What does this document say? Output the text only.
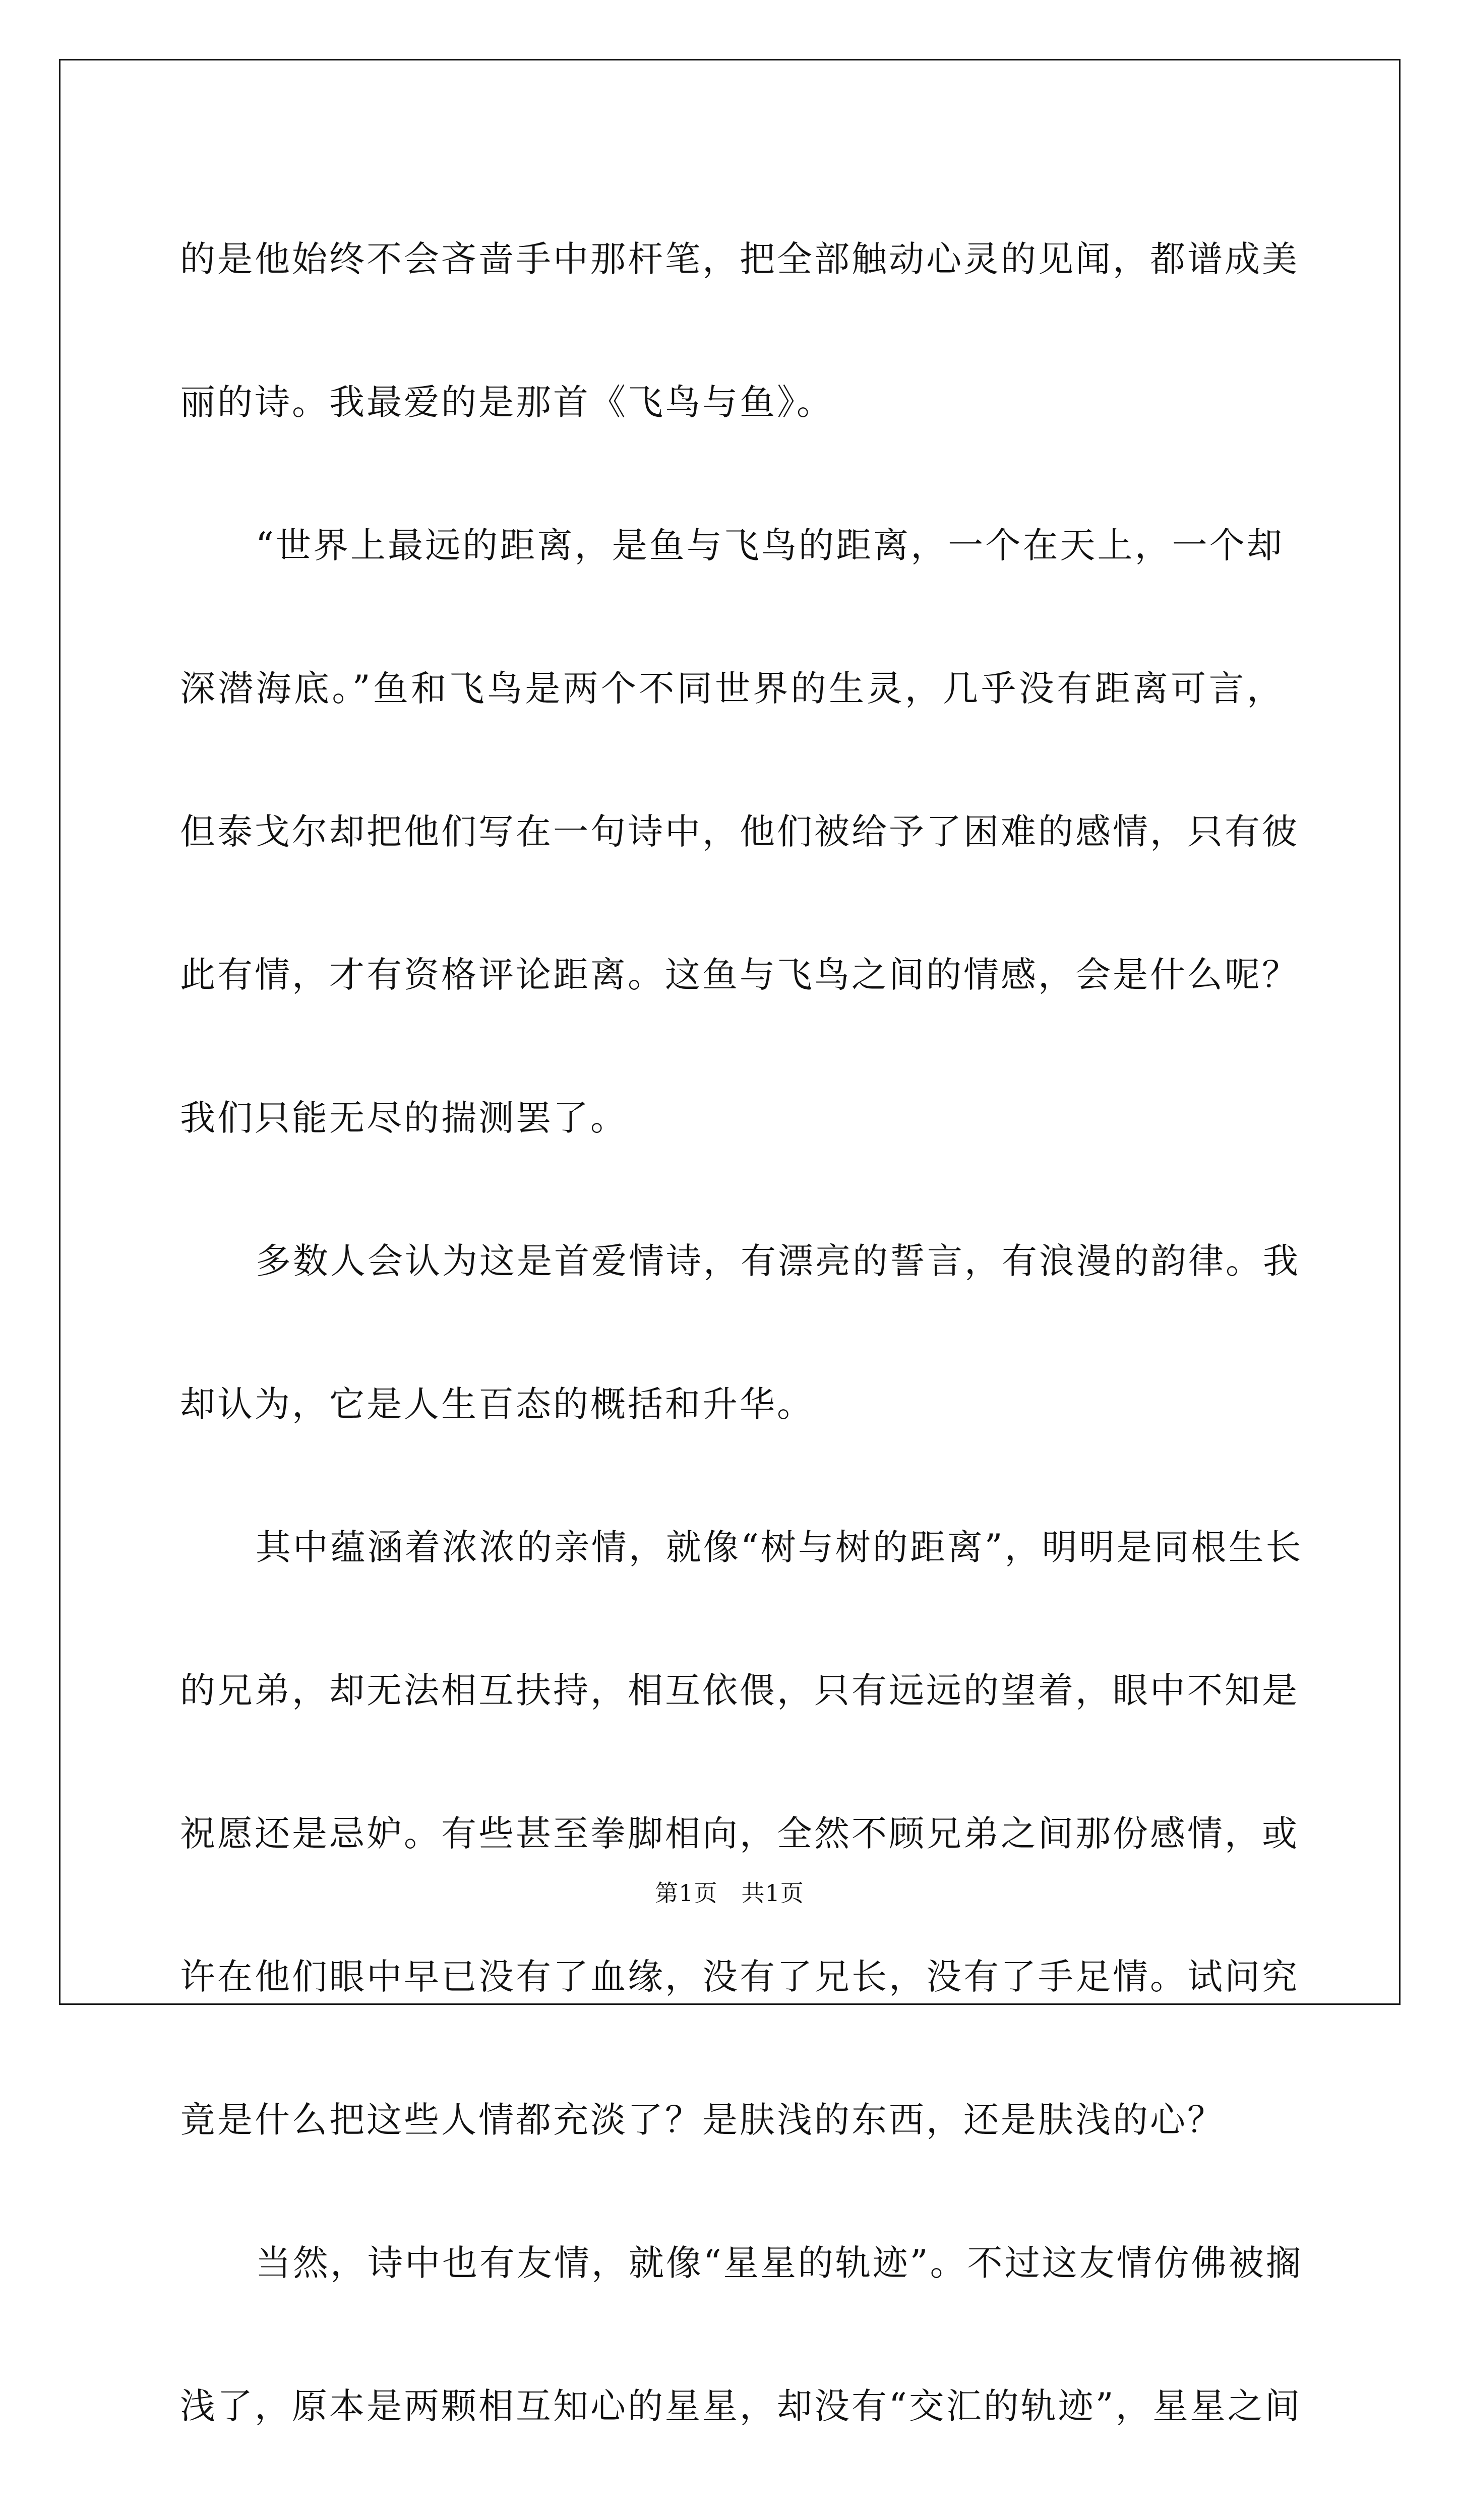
的是他始终不会吝啬手中那杆笔，把全部触动心灵的见闻，都谱成美
丽的诗。我最爱的是那首《飞鸟与鱼》。
“世界上最远的距离，是鱼与飞鸟的距离，一个在天上，一个却
深潜海底。”鱼和飞鸟是两个不同世界的生灵，几乎没有距离可言，
但泰戈尔却把他们写在一句诗中，他们被给予了困难的感情，只有彼
此有情，才有资格评论距离。这鱼与飞鸟之间的情感，会是什么呢？
我们只能无尽的揣测罢了。
多数人会认为这是首爱情诗，有漂亮的誓言，有浪漫的韵律。我
却认为，它是人生百态的概括和升华。
其中蕴涵着浓浓的亲情，就像“树与树的距离”，明明是同根生长
的兄弟，却无法相互扶持，相互依偎，只有远远的望着，眼中不知是
祝愿还是忌妒。有些甚至拳脚相向，全然不顾兄弟之间那份感情，或
许在他们眼中早已没有了血缘，没有了兄长，没有了手足情。试问究
竟是什么把这些人情都充淡了？是肤浅的东西，还是肤浅的心？
当然，诗中也有友情，就像“星星的轨迹”。不过这友情仿佛被搁
浅了，原本是两颗相互知心的星星，却没有“交汇的轨迹”，星星之间
第1页 共1页
